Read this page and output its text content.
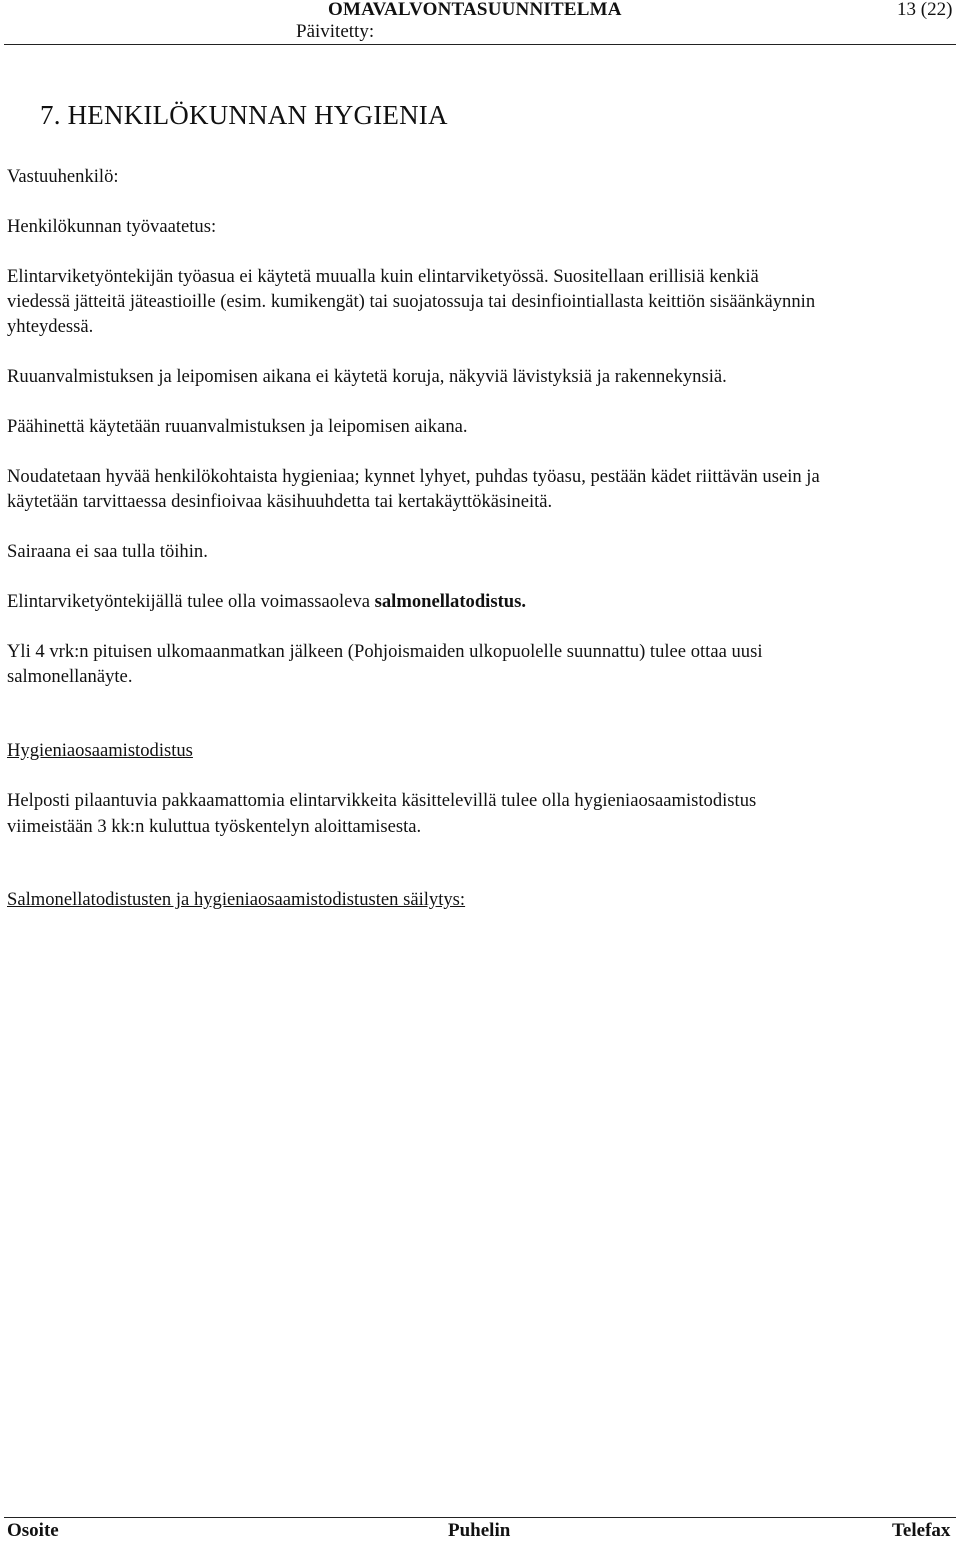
OMAVALVONTASUUNNITELMA	13 (22)
Päivitetty:
7. HENKILÖKUNNAN HYGIENIA
Vastuuhenkilö:
Henkilökunnan työvaatetus:
Elintarviketyöntekijän työasua ei käytetä muualla kuin elintarviketyössä. Suositellaan erillisiä kenkiä
viedessä jätteitä jäteastioille (esim. kumikengät) tai suojatossuja tai desinfiointiallasta keittiön sisäänkäynnin
yhteydessä.
Ruuanvalmistuksen ja leipomisen aikana ei käytetä koruja, näkyviä lävistyksiä ja rakennekynsiä.
Päähinettä käytetään ruuanvalmistuksen ja leipomisen aikana.
Noudatetaan hyvää henkilökohtaista hygieniaa; kynnet lyhyet, puhdas työasu, pestään kädet riittävän usein ja
käytetään tarvittaessa desinfioivaa käsihuuhdetta tai kertakäyttökäsineitä.
Sairaana ei saa tulla töihin.
Elintarviketyöntekijällä tulee olla voimassaoleva salmonellatodistus.
Yli 4 vrk:n pituisen ulkomaanmatkan jälkeen (Pohjoismaiden ulkopuolelle suunnattu) tulee ottaa uusi
salmonellanäyte.
Hygieniaosaamistodistus
Helposti pilaantuvia pakkaamattomia elintarvikkeita käsittelevillä tulee olla hygieniaosaamistodistus
viimeistään 3 kk:n kuluttua työskentelyn aloittamisesta.
Salmonellatodistusten ja hygieniaosaamistodistusten säilytys:
Osoite	Puhelin	Telefax
